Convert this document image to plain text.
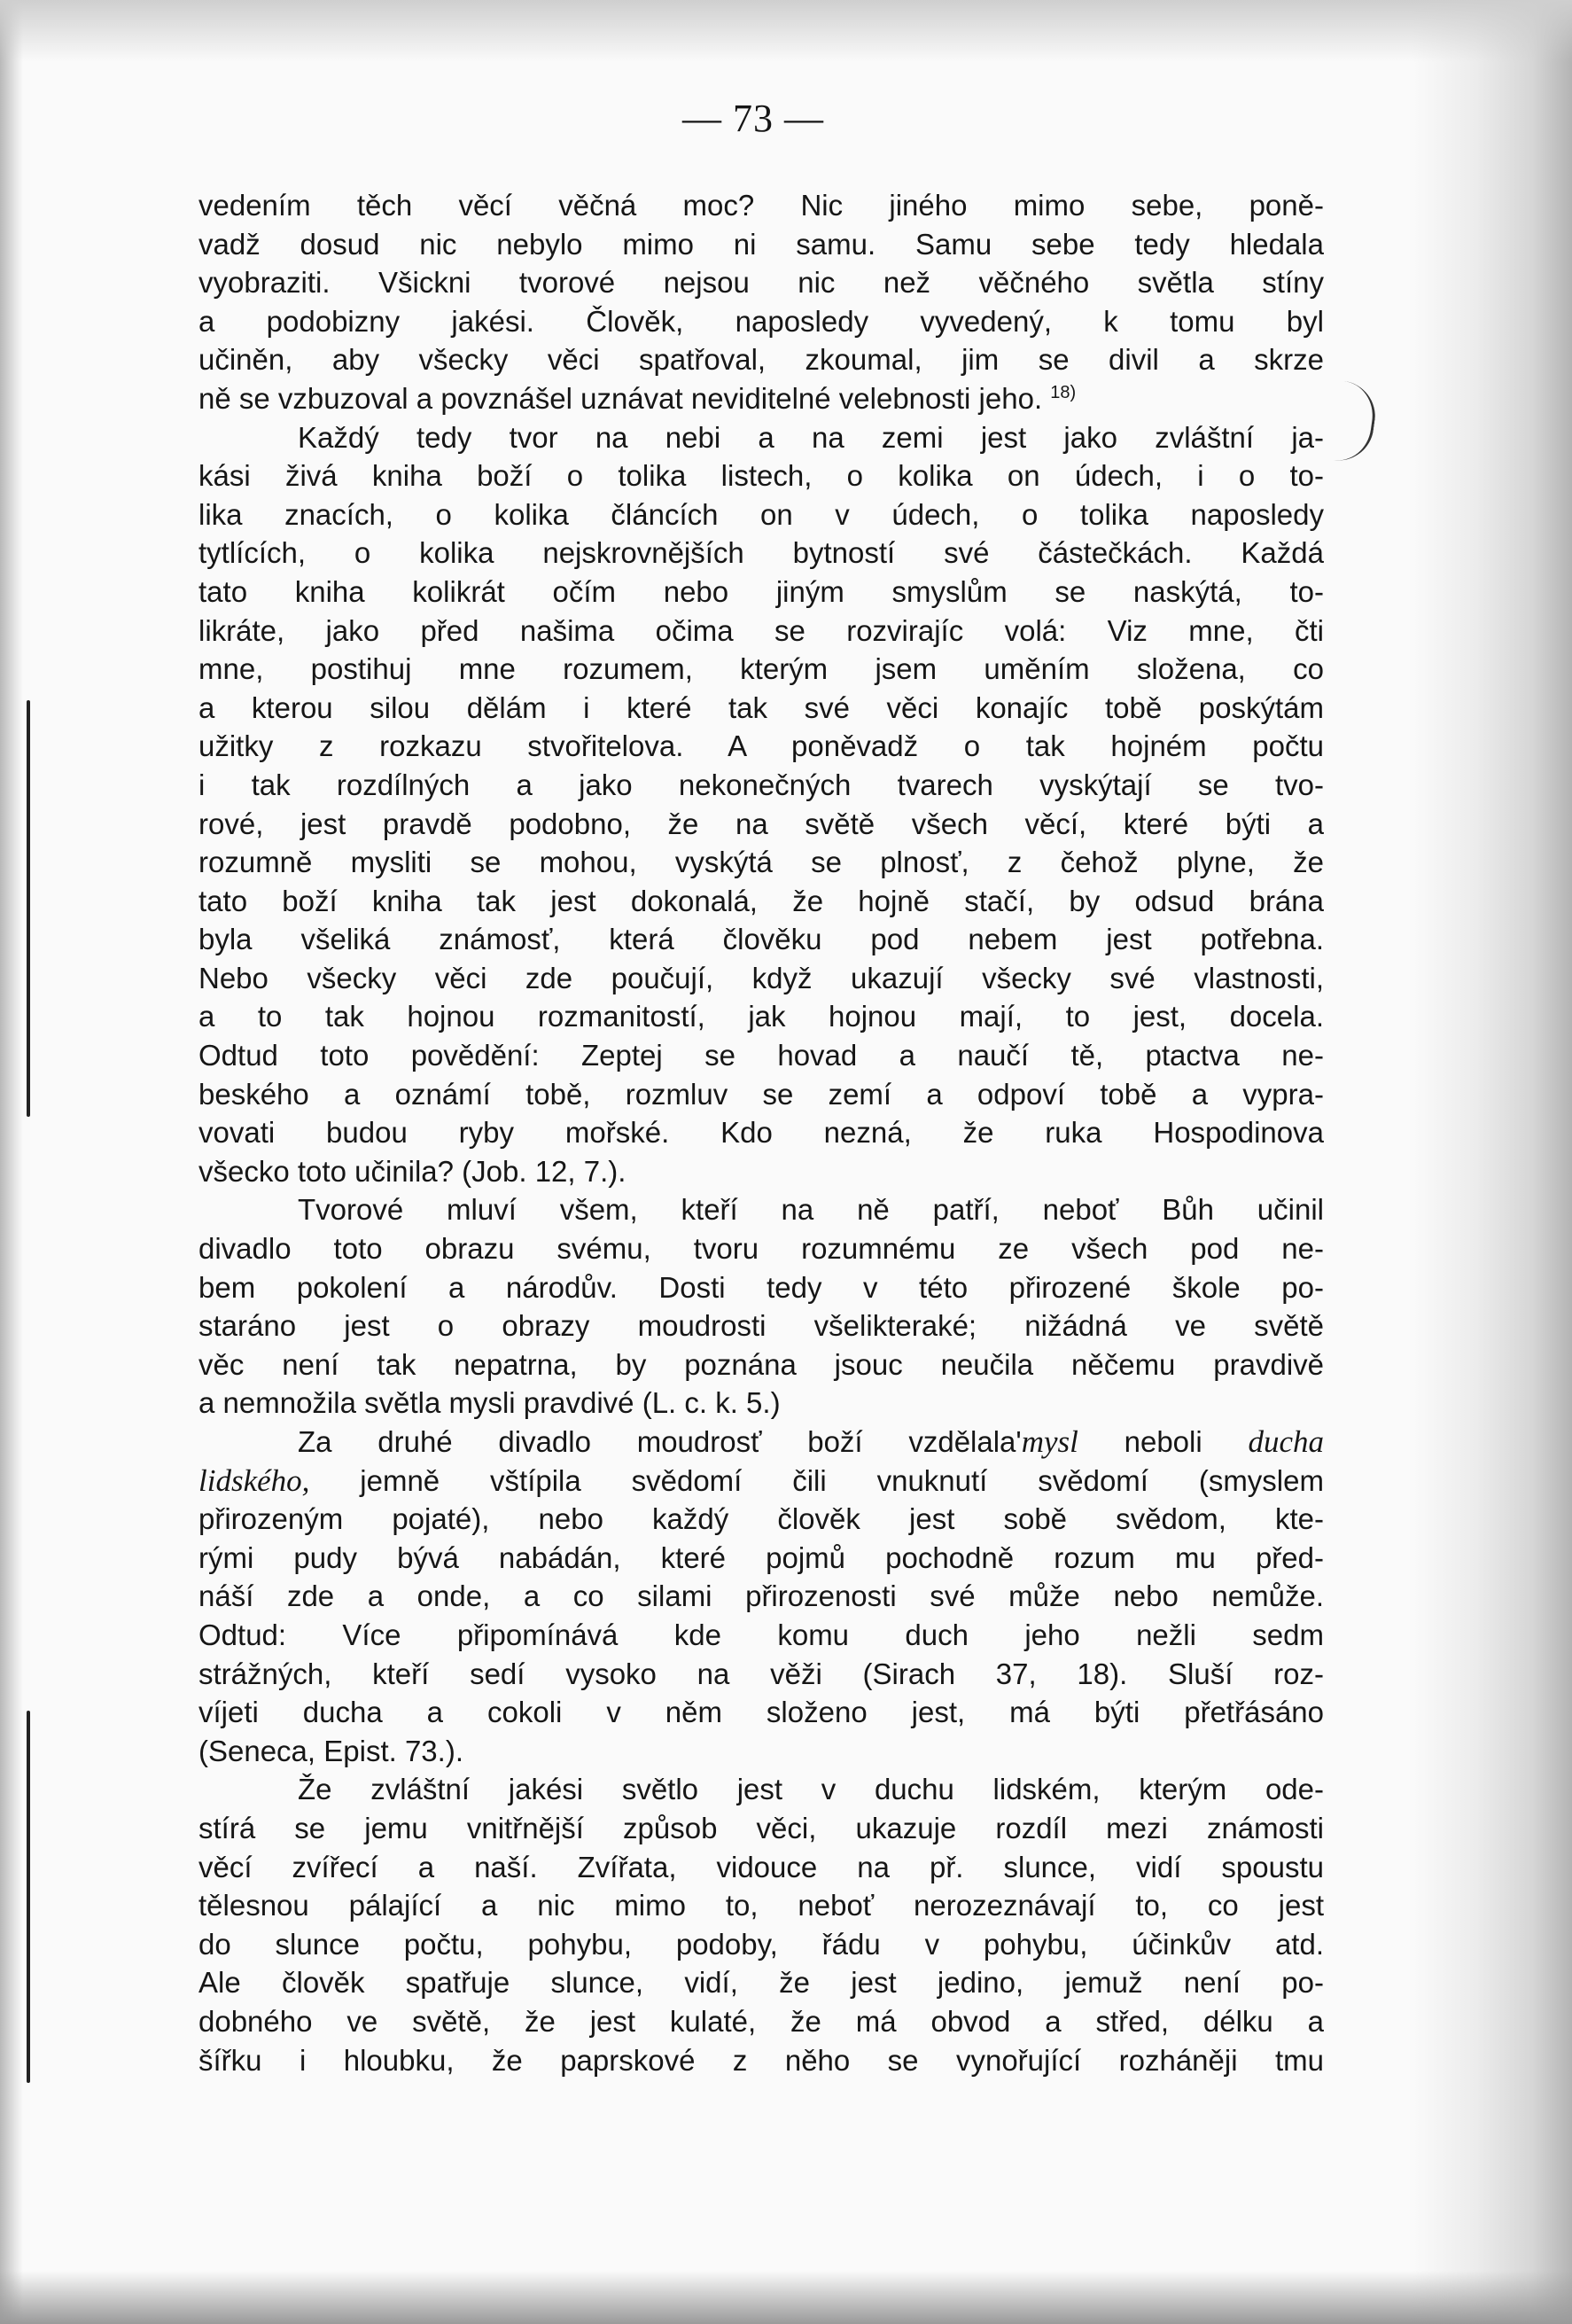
— 73 —
vedením těch věcí věčná moc? Nic jiného mimo sebe, poně-
vadž dosud nic nebylo mimo ni samu. Samu sebe tedy hledala
vyobraziti. Všickni tvorové nejsou nic než věčného světla stíny
a podobizny jakési. Člověk, naposledy vyvedený, k tomu byl
učiněn, aby všecky věci spatřoval, zkoumal, jim se divil a skrze
ně se vzbuzoval a povznášel uznávat neviditelné velebnosti jeho. $^{18)}$
Každý tedy tvor na nebi a na zemi jest jako zvláštní ja-
kási živá kniha boží o tolika listech, o kolika on údech, i o to-
lika znacích, o kolika článcích on v údech, o tolika naposledy
tytlících, o kolika nejskrovnějších bytností své částečkách. Každá
tato kniha kolikrát očím nebo jiným smyslům se naskýtá, to-
likráte, jako před našima očima se rozvirajíc volá: Viz mne, čti
mne, postihuj mne rozumem, kterým jsem uměním složena, co
a kterou silou dělám i které tak své věci konajíc tobě poskýtám
užitky z rozkazu stvořitelova. A poněvadž o tak hojném počtu
i tak rozdílných a jako nekonečných tvarech vyskýtají se tvo-
rové, jest pravdě podobno, že na světě všech věcí, které býti a
rozumně mysliti se mohou, vyskýtá se plnosť, z čehož plyne, že
tato boží kniha tak jest dokonalá, že hojně stačí, by odsud brána
byla všeliká známosť, která člověku pod nebem jest potřebna.
Nebo všecky věci zde poučují, když ukazují všecky své vlastnosti,
a to tak hojnou rozmanitostí, jak hojnou mají, to jest, docela.
Odtud toto povědění: Zeptej se hovad a naučí tě, ptactva ne-
beského a oznámí tobě, rozmluv se zemí a odpoví tobě a vypra-
vovati budou ryby mořské. Kdo nezná, že ruka Hospodinova
všecko toto učinila? (Job. 12, 7.).
Tvorové mluví všem, kteří na ně patří, neboť Bůh učinil
divadlo toto obrazu svému, tvoru rozumnému ze všech pod ne-
bem pokolení a národův. Dosti tedy v této přirozené škole po-
staráno jest o obrazy moudrosti všelikteraké; nižádná ve světě
věc není tak nepatrna, by poznána jsouc neučila něčemu pravdivě
a nemnožila světla mysli pravdivé (L. c. k. 5.)
Za druhé divadlo moudrosť boží vzdělala'mysl neboli ducha
lidského, jemně vštípila svědomí čili vnuknutí svědomí (smyslem
přirozeným pojaté), nebo každý člověk jest sobě svědom, kte-
rými pudy bývá nabádán, které pojmů pochodně rozum mu před-
náší zde a onde, a co silami přirozenosti své může nebo nemůže.
Odtud: Více připomínává kde komu duch jeho nežli sedm
strážných, kteří sedí vysoko na věži (Sirach 37, 18). Sluší roz-
víjeti ducha a cokoli v něm složeno jest, má býti přetřásáno
(Seneca, Epist. 73.).
Že zvláštní jakési světlo jest v duchu lidském, kterým ode-
stírá se jemu vnitřnější způsob věci, ukazuje rozdíl mezi známosti
věcí zvířecí a naší. Zvířata, vidouce na př. slunce, vidí spoustu
tělesnou pálající a nic mimo to, neboť nerozeznávají to, co jest
do slunce počtu, pohybu, podoby, řádu v pohybu, účinkův atd.
Ale člověk spatřuje slunce, vidí, že jest jedino, jemuž není po-
dobného ve světě, že jest kulaté, že má obvod a střed, délku a
šířku i hloubku, že paprskové z něho se vynořující rozháněji tmu
